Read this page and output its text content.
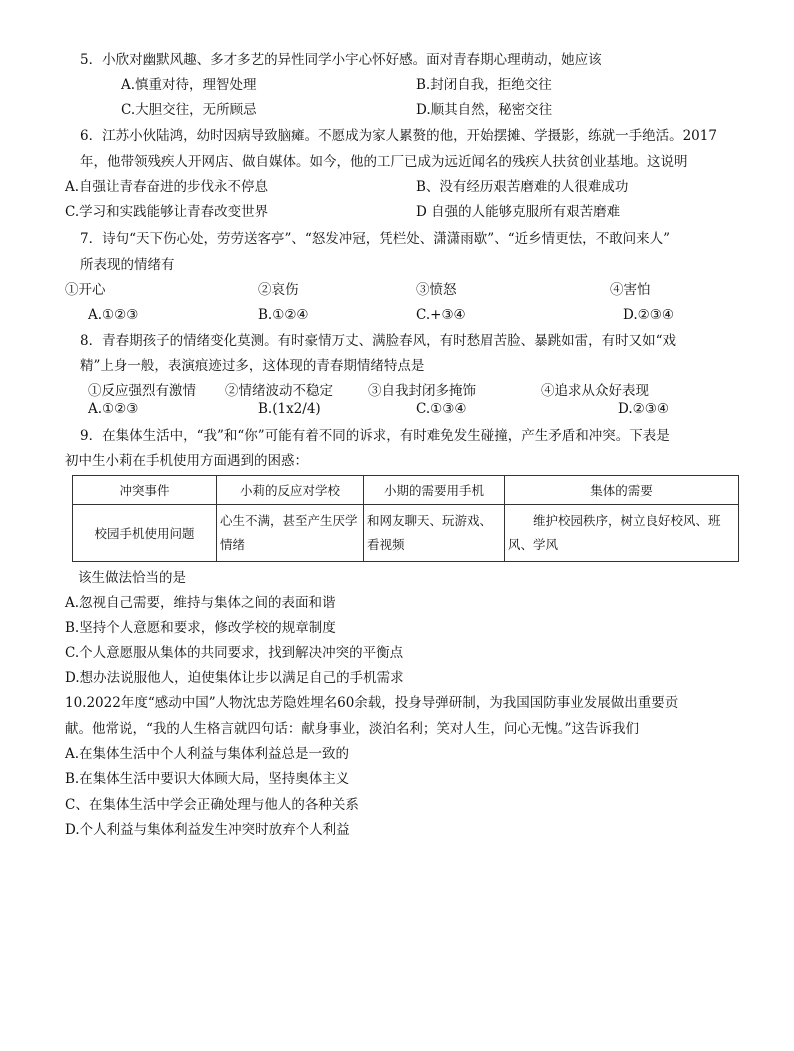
5．小欣对幽默风趣、多才多艺的异性同学小宇心怀好感。面对青春期心理萌动，她应该
A.慎重对待，理智处理	B.封闭自我，拒绝交往
C.大胆交往，无所顾忌	D.顺其自然，秘密交往
6．江苏小伙陆鸿，幼时因病导致脑瘫。不愿成为家人累赘的他，开始摆摊、学摄影，练就一手绝活。2017
年，他带领残疾人开网店、做自媒体。如今，他的工厂已成为远近闻名的残疾人扶贫创业基地。这说明
A.自强让青春奋进的步伐永不停息	B、没有经历艰苦磨难的人很难成功
C.学习和实践能够让青春改变世界	D 自强的人能够克服所有艰苦磨难
7．诗句“天下伤心处，劳劳送客亭”、“怒发冲冠，凭栏处、潇潇雨歇”、“近乡情更怯，不敢问来人”
所表现的情绪有
①开心	②哀伤	③愤怒	④害怕
A.①②③	B.①②④	C.+③④	D.②③④
8．青春期孩子的情绪变化莫测。有时豪情万丈、满脸春风，有时愁眉苦脸、暴跳如雷，有时又如“戏
精”上身一般，表演痕迹过多，这体现的青春期情绪特点是
①反应强烈有激情 ②情绪波动不稳定	③自我封闭多掩饰	④追求从众好表现
A.①②③	B.(1x2/4)	C.①③④	D.②③④
9．在集体生活中，“我”和“你”可能有着不同的诉求，有时难免发生碰撞，产生矛盾和冲突。下表是
初中生小莉在手机使用方面遇到的困惑：
冲突事件	小莉的反应对学校	小期的需要用手机	集体的需要
校园手机使用问题	心生不满，甚至产生厌学情绪	和网友聊天、玩游戏、看视频	维护校园秩序，树立良好校风、班风、学风
该生做法恰当的是
A.忽视自己需要，维持与集体之间的表面和谐
B.坚持个人意愿和要求，修改学校的规章制度
C.个人意愿服从集体的共同要求，找到解决冲突的平衡点
D.想办法说服他人，迫使集体让步以满足自己的手机需求
10.2022年度“感动中国”人物沈忠芳隐姓埋名60余载，投身导弹研制，为我国国防事业发展做出重要贡
献。他常说，“我的人生格言就四句话：献身事业，淡泊名利；笑对人生，问心无愧。”这告诉我们
A.在集体生活中个人利益与集体利益总是一致的
B.在集体生活中要识大体顾大局，坚持奥体主义
C、在集体生活中学会正确处理与他人的各种关系
D.个人利益与集体利益发生冲突时放弃个人利益
